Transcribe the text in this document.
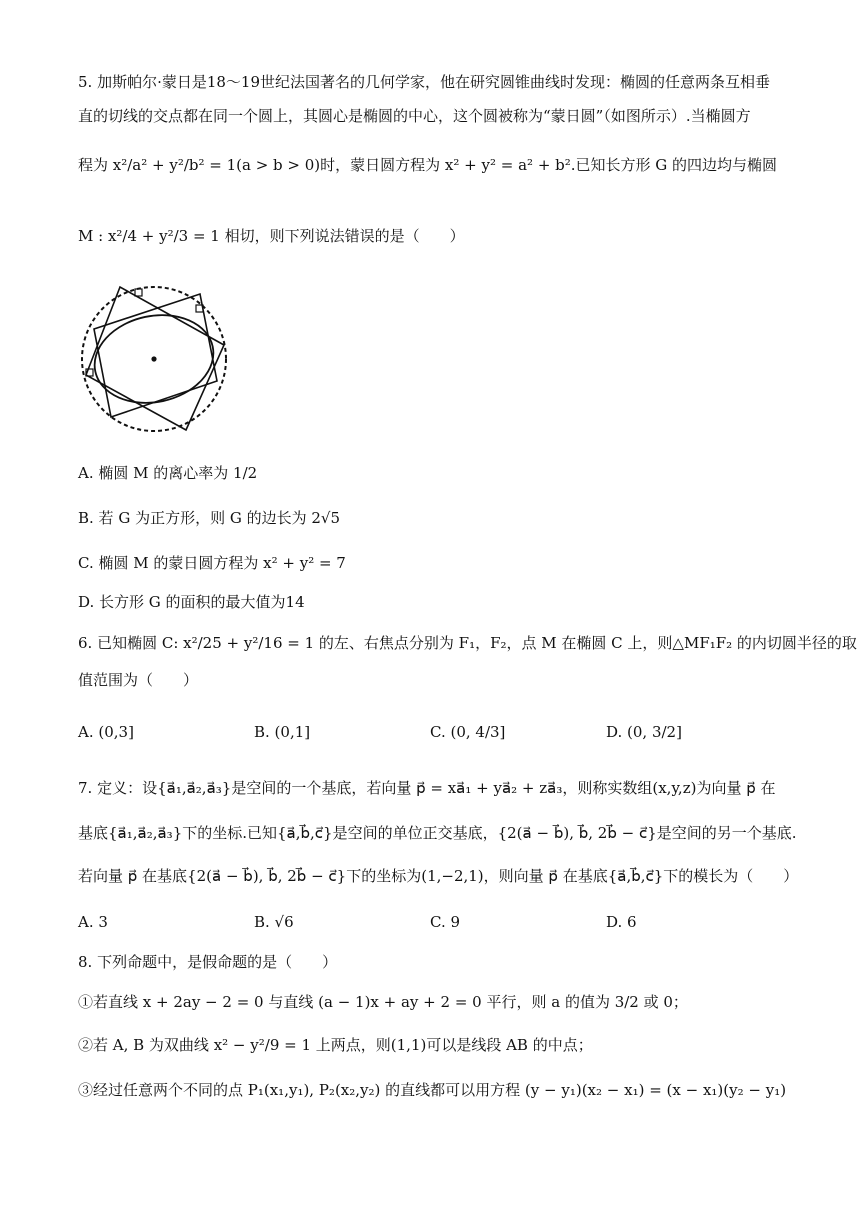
5. 加斯帕尔·蒙日是18～19世纪法国著名的几何学家，他在研究圆锥曲线时发现：椭圆的任意两条互相垂
直的切线的交点都在同一个圆上，其圆心是椭圆的中心，这个圆被称为“蒙日圆”（如图所示）.当椭圆方
程为 x²/a² + y²/b² = 1(a > b > 0)时，蒙日圆方程为 x² + y² = a² + b².已知长方形 G 的四边均与椭圆
M : x²/4 + y²/3 = 1 相切，则下列说法错误的是（　　）
A. 椭圆 M 的离心率为 1/2
B. 若 G 为正方形，则 G 的边长为 2√5
C. 椭圆 M 的蒙日圆方程为 x² + y² = 7
D. 长方形 G 的面积的最大值为14
6. 已知椭圆 C: x²/25 + y²/16 = 1 的左、右焦点分别为 F₁，F₂，点 M 在椭圆 C 上，则△MF₁F₂ 的内切圆半径的取
值范围为（　　）
A. (0,3]	B. (0,1]	C. (0, 4/3]	D. (0, 3/2]
7. 定义：设{a⃗₁,a⃗₂,a⃗₃}是空间的一个基底，若向量 p⃗ = xa⃗₁ + ya⃗₂ + za⃗₃，则称实数组(x,y,z)为向量 p⃗ 在
基底{a⃗₁,a⃗₂,a⃗₃}下的坐标.已知{a⃗,b⃗,c⃗}是空间的单位正交基底，{2(a⃗ − b⃗), b⃗, 2b⃗ − c⃗}是空间的另一个基底.
若向量 p⃗ 在基底{2(a⃗ − b⃗), b⃗, 2b⃗ − c⃗}下的坐标为(1,−2,1)，则向量 p⃗ 在基底{a⃗,b⃗,c⃗}下的模长为（　　）
A. 3	B. √6	C. 9	D. 6
8. 下列命题中，是假命题的是（　　）
①若直线 x + 2ay − 2 = 0 与直线 (a − 1)x + ay + 2 = 0 平行，则 a 的值为 3/2 或 0；
②若 A, B 为双曲线 x² − y²/9 = 1 上两点，则(1,1)可以是线段 AB 的中点；
③经过任意两个不同的点 P₁(x₁,y₁), P₂(x₂,y₂) 的直线都可以用方程 (y − y₁)(x₂ − x₁) = (x − x₁)(y₂ − y₁)
